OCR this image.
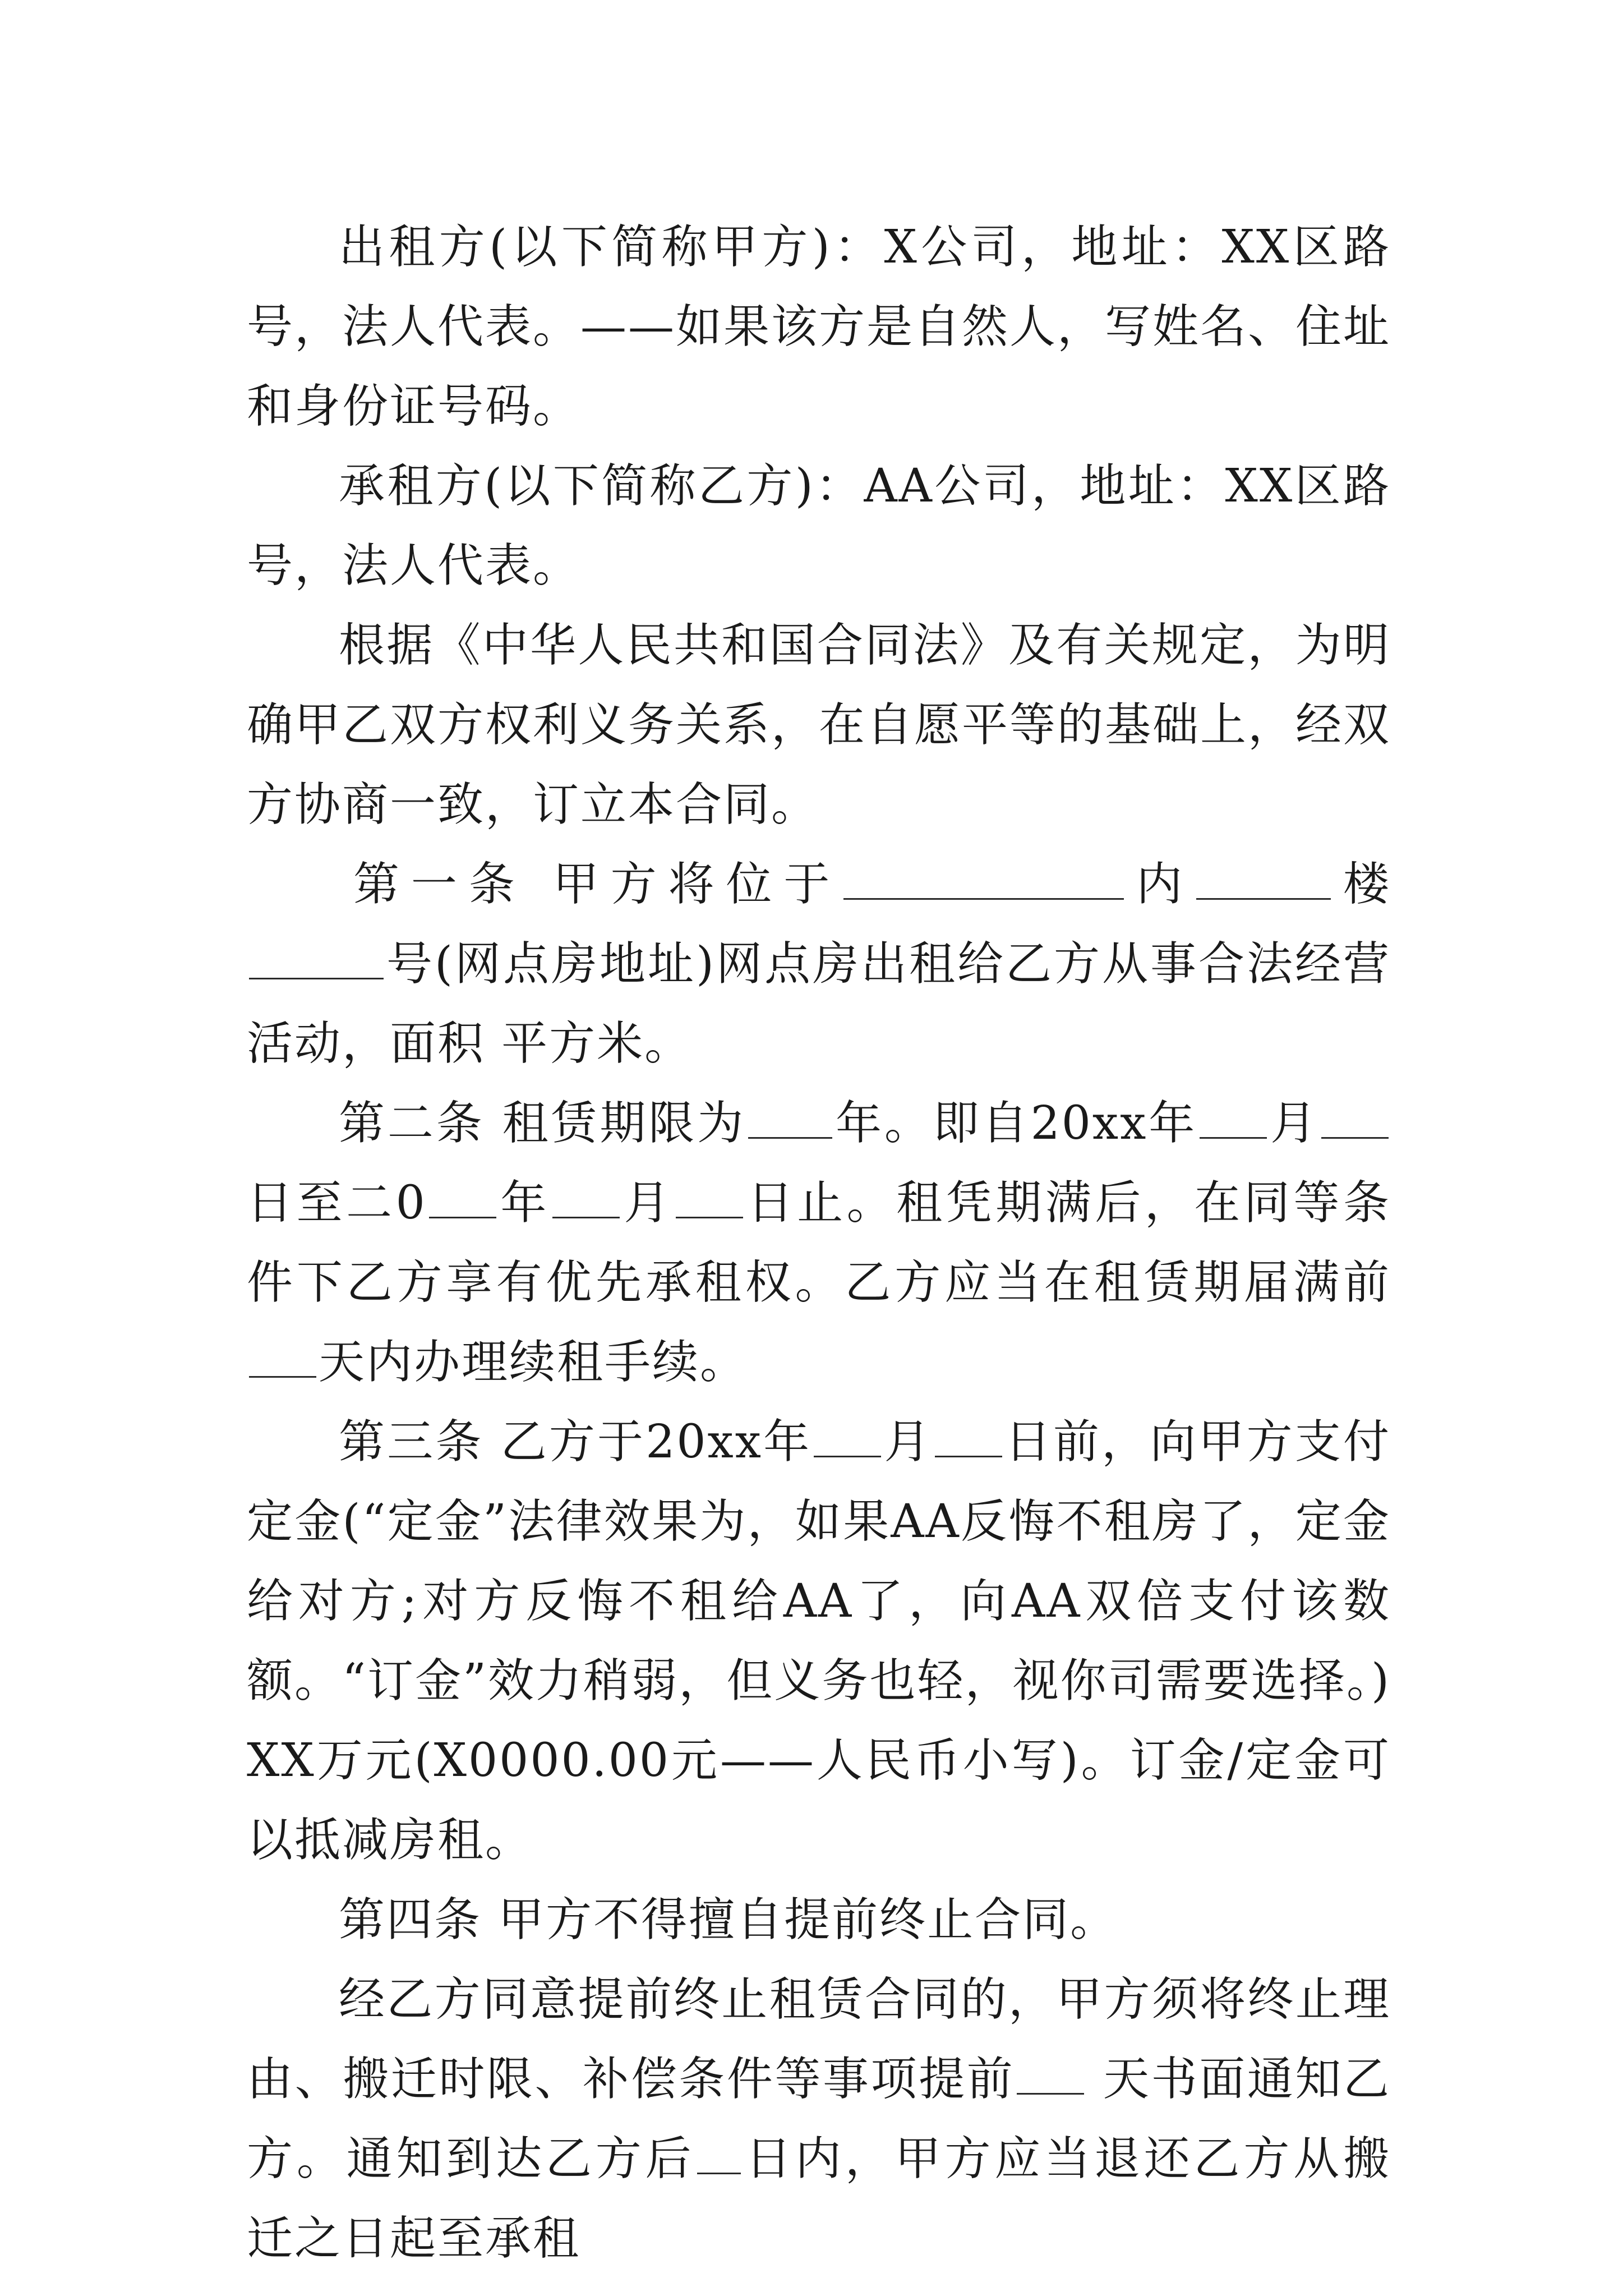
出租方(以下简称甲方)：X公司，地址：XX区路号，法人代表。——如果该方是自然人，写姓名、住址和身份证号码。

承租方(以下简称乙方)：AA公司，地址：XX区路号，法人代表。

根据《中华人民共和国合同法》及有关规定，为明确甲乙双方权利义务关系，在自愿平等的基础上，经双方协商一致，订立本合同。

第一条 甲方将位于	内	楼号(网点房地址)网点房出租给乙方从事合法经营活动，面积 平方米。

第二条 租赁期限为 年。即自20xx年 月日至二0 年 月 日止。租凭期满后，在同等条件下乙方享有优先承租权。乙方应当在租赁期届满前天内办理续租手续。

第三条 乙方于20xx年 月 日前，向甲方支付定金(“定金”法律效果为，如果AA反悔不租房了，定金给对方;对方反悔不租给AA了，向AA双倍支付该数额。“订金”效力稍弱，但义务也轻，视你司需要选择。)XX万元(X0000.00元——人民币小写)。订金/定金可以抵减房租。

第四条 甲方不得擅自提前终止合同。

经乙方同意提前终止租赁合同的，甲方须将终止理由、搬迁时限、补偿条件等事项提前 天书面通知乙方。通知到达乙方后 日内，甲方应当退还乙方从搬迁之日起至承租
